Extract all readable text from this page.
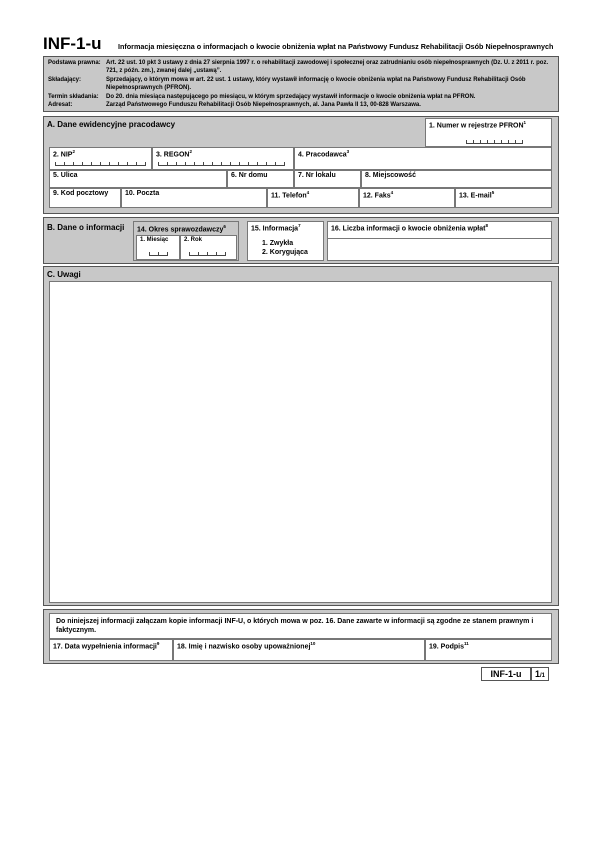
INF-1-u Informacja miesięczna o informacjach o kwocie obniżenia wpłat na Państwowy Fundusz Rehabilitacji Osób Niepełnosprawnych
Podstawa prawna: Art. 22 ust. 10 pkt 3 ustawy z dnia 27 sierpnia 1997 r. o rehabilitacji zawodowej i społecznej oraz zatrudnianiu osób niepełnosprawnych (Dz. U. z 2011 r. poz. 721, z późn. zm.), zwanej dalej „ustawą”.
Składający:	Sprzedający, o którym mowa w art. 22 ust. 1 ustawy, który wystawił informację o kwocie obniżenia wpłat na Państwowy Fundusz Rehabilitacji Osób Niepełnosprawnych (PFRON).
Termin składania: Do 20. dnia miesiąca następującego po miesiącu, w którym sprzedający wystawił informacje o kwocie obniżenia wpłat na PFRON.
Adresat:	Zarząd Państwowego Funduszu Rehabilitacji Osób Niepełnosprawnych, al. Jana Pawła II 13, 00-828 Warszawa.
A. Dane ewidencyjne pracodawcy	1. Numer w rejestrze PFRON$^1$
2. NIP$^2$	3. REGON$^2$	4. Pracodawca$^3$
5. Ulica	6. Nr domu	7. Nr lokalu	8. Miejscowość
9. Kod pocztowy 10. Poczta	11. Telefon$^4$	12. Faks$^4$	13. E-mail$^5$
B. Dane o informacji 14. Okres sprawozdawczy$^6$
1. Miesiąc	2. Rok
15. Informacja$^7$
1. Zwykła
2. Korygująca
16. Liczba informacji o kwocie obniżenia wpłat$^8$
C. Uwagi
Do niniejszej informacji załączam kopie informacji INF-U, o których mowa w poz. 16. Dane zawarte w informacji są zgodne ze stanem prawnym i faktycznym.
17. Data wypełnienia informacji$^9$	18. Imię i nazwisko osoby upoważnionej$^{10}$	19. Podpis$^{11}$
INF-1-u	1/1
